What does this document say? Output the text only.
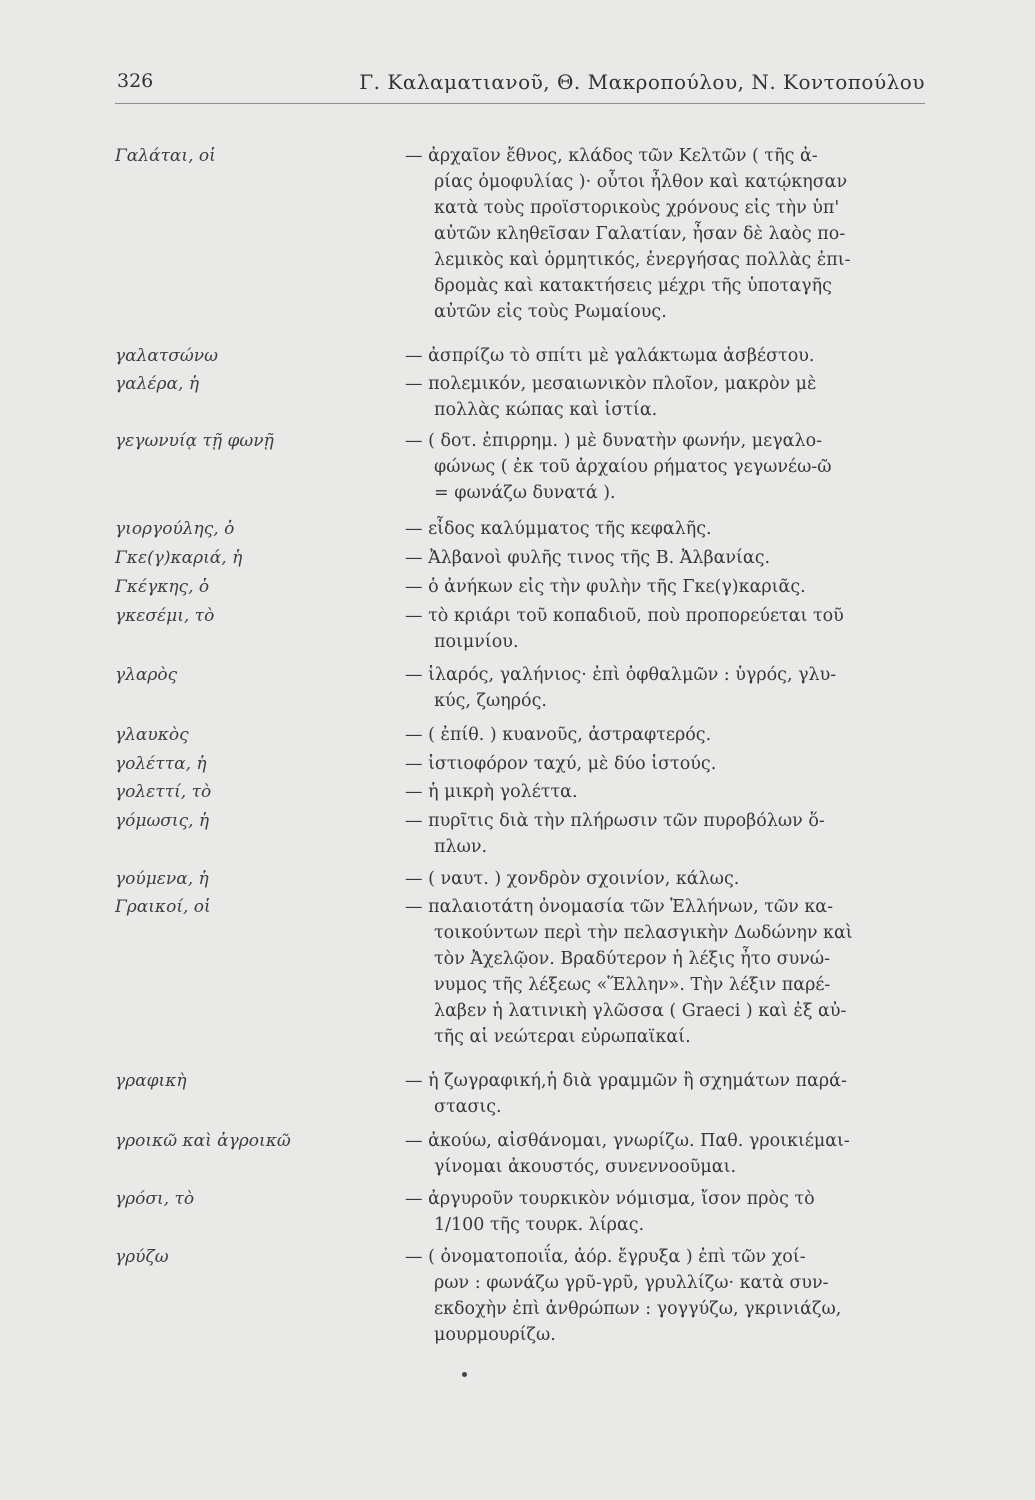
326	Γ. Καλαματιανοῦ, Θ. Μακροπούλου, Ν. Κοντοπούλου
Γαλάται, οἱ	— ἀρχαῖον ἔθνος, κλάδος τῶν Κελτῶν ( τῆς ἀ-
ρίας ὁμοφυλίας )· οὗτοι ἦλθον καὶ κατῴκησαν
κατὰ τοὺς προϊστορικοὺς χρόνους εἰς τὴν ὑπ'
αὐτῶν κληθεῖσαν Γαλατίαν, ἦσαν δὲ λαὸς πο-
λεμικὸς καὶ ὁρμητικός, ἐνεργήσας πολλὰς ἐπι-
δρομὰς καὶ κατακτήσεις μέχρι τῆς ὑποταγῆς
αὐτῶν εἰς τοὺς Ρωμαίους.
γαλατσώνω	— ἀσπρίζω τὸ σπίτι μὲ γαλάκτωμα ἀσβέστου.
γαλέρα, ἡ	— πολεμικόν, μεσαιωνικὸν πλοῖον, μακρὸν μὲ
πολλὰς κώπας καὶ ἱστία.
γεγωνυίᾳ τῇ φωνῇ	— ( δοτ. ἐπιρρημ. ) μὲ δυνατὴν φωνήν, μεγαλο-
φώνως ( ἐκ τοῦ ἀρχαίου ρήματος γεγωνέω-ῶ
= φωνάζω δυνατά ).
γιοργούλης, ὁ	— εἶδος καλύμματος τῆς κεφαλῆς.
Γκε(γ)καριά, ἡ	— Ἀλβανοὶ φυλῆς τινος τῆς Β. Ἀλβανίας.
Γκέγκης, ὁ	— ὁ ἀνήκων εἰς τὴν φυλὴν τῆς Γκε(γ)καριᾶς.
γκεσέμι, τὸ	— τὸ κριάρι τοῦ κοπαδιοῦ, ποὺ προπορεύεται τοῦ
ποιμνίου.
γλαρὸς	— ἱλαρός, γαλήνιος· ἐπὶ ὀφθαλμῶν : ὑγρός, γλυ-
κύς, ζωηρός.
γλαυκὸς	— ( ἐπίθ. ) κυανοῦς, ἀστραφτερός.
γολέττα, ἡ	— ἱστιοφόρον ταχύ, μὲ δύο ἱστούς.
γολεττί, τὸ	— ἡ μικρὴ γολέττα.
γόμωσις, ἡ	— πυρῖτις διὰ τὴν πλήρωσιν τῶν πυροβόλων ὅ-
πλων.
γούμενα, ἡ	— ( ναυτ. ) χονδρὸν σχοινίον, κάλως.
Γραικοί, οἱ	— παλαιοτάτη ὀνομασία τῶν Ἑλλήνων, τῶν κα-
τοικούντων περὶ τὴν πελασγικὴν Δωδώνην καὶ
τὸν Ἀχελῷον. Βραδύτερον ἡ λέξις ἦτο συνώ-
νυμος τῆς λέξεως «Ἕλλην». Τὴν λέξιν παρέ-
λαβεν ἡ λατινικὴ γλῶσσα ( Graeci ) καὶ ἐξ αὐ-
τῆς αἱ νεώτεραι εὐρωπαϊκαί.
γραφικὴ	— ἡ ζωγραφική,ἡ διὰ γραμμῶν ἢ σχημάτων παρά-
στασις.
γροικῶ καὶ ἀγροικῶ	— ἀκούω, αἰσθάνομαι, γνωρίζω. Παθ. γροικιέμαι-
γίνομαι ἀκουστός, συνεννοοῦμαι.
γρόσι, τὸ	— ἀργυροῦν τουρκικὸν νόμισμα, ἴσον πρὸς τὸ
1/100 τῆς τουρκ. λίρας.
γρύζω	— ( ὀνοματοποιΐα, ἀόρ. ἔγρυξα ) ἐπὶ τῶν χοί-
ρων : φωνάζω γρῦ-γρῦ, γρυλλίζω· κατὰ συν-
εκδοχὴν ἐπὶ ἀνθρώπων : γογγύζω, γκρινιάζω,
μουρμουρίζω.
